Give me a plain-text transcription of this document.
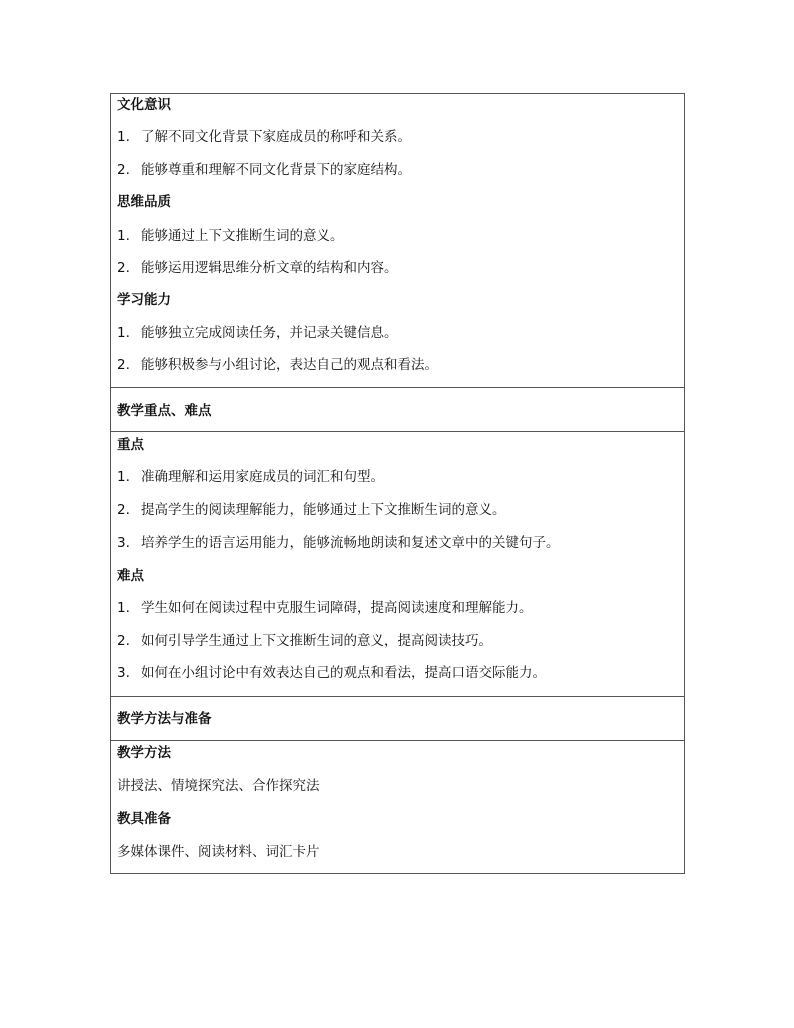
文化意识
1. 了解不同文化背景下家庭成员的称呼和关系。
2. 能够尊重和理解不同文化背景下的家庭结构。
思维品质
1. 能够通过上下文推断生词的意义。
2. 能够运用逻辑思维分析文章的结构和内容。
学习能力
1. 能够独立完成阅读任务，并记录关键信息。
2. 能够积极参与小组讨论，表达自己的观点和看法。
教学重点、难点
重点
1. 准确理解和运用家庭成员的词汇和句型。
2. 提高学生的阅读理解能力，能够通过上下文推断生词的意义。
3. 培养学生的语言运用能力，能够流畅地朗读和复述文章中的关键句子。
难点
1. 学生如何在阅读过程中克服生词障碍，提高阅读速度和理解能力。
2. 如何引导学生通过上下文推断生词的意义，提高阅读技巧。
3. 如何在小组讨论中有效表达自己的观点和看法，提高口语交际能力。
教学方法与准备
教学方法
讲授法、情境探究法、合作探究法
教具准备
多媒体课件、阅读材料、词汇卡片
